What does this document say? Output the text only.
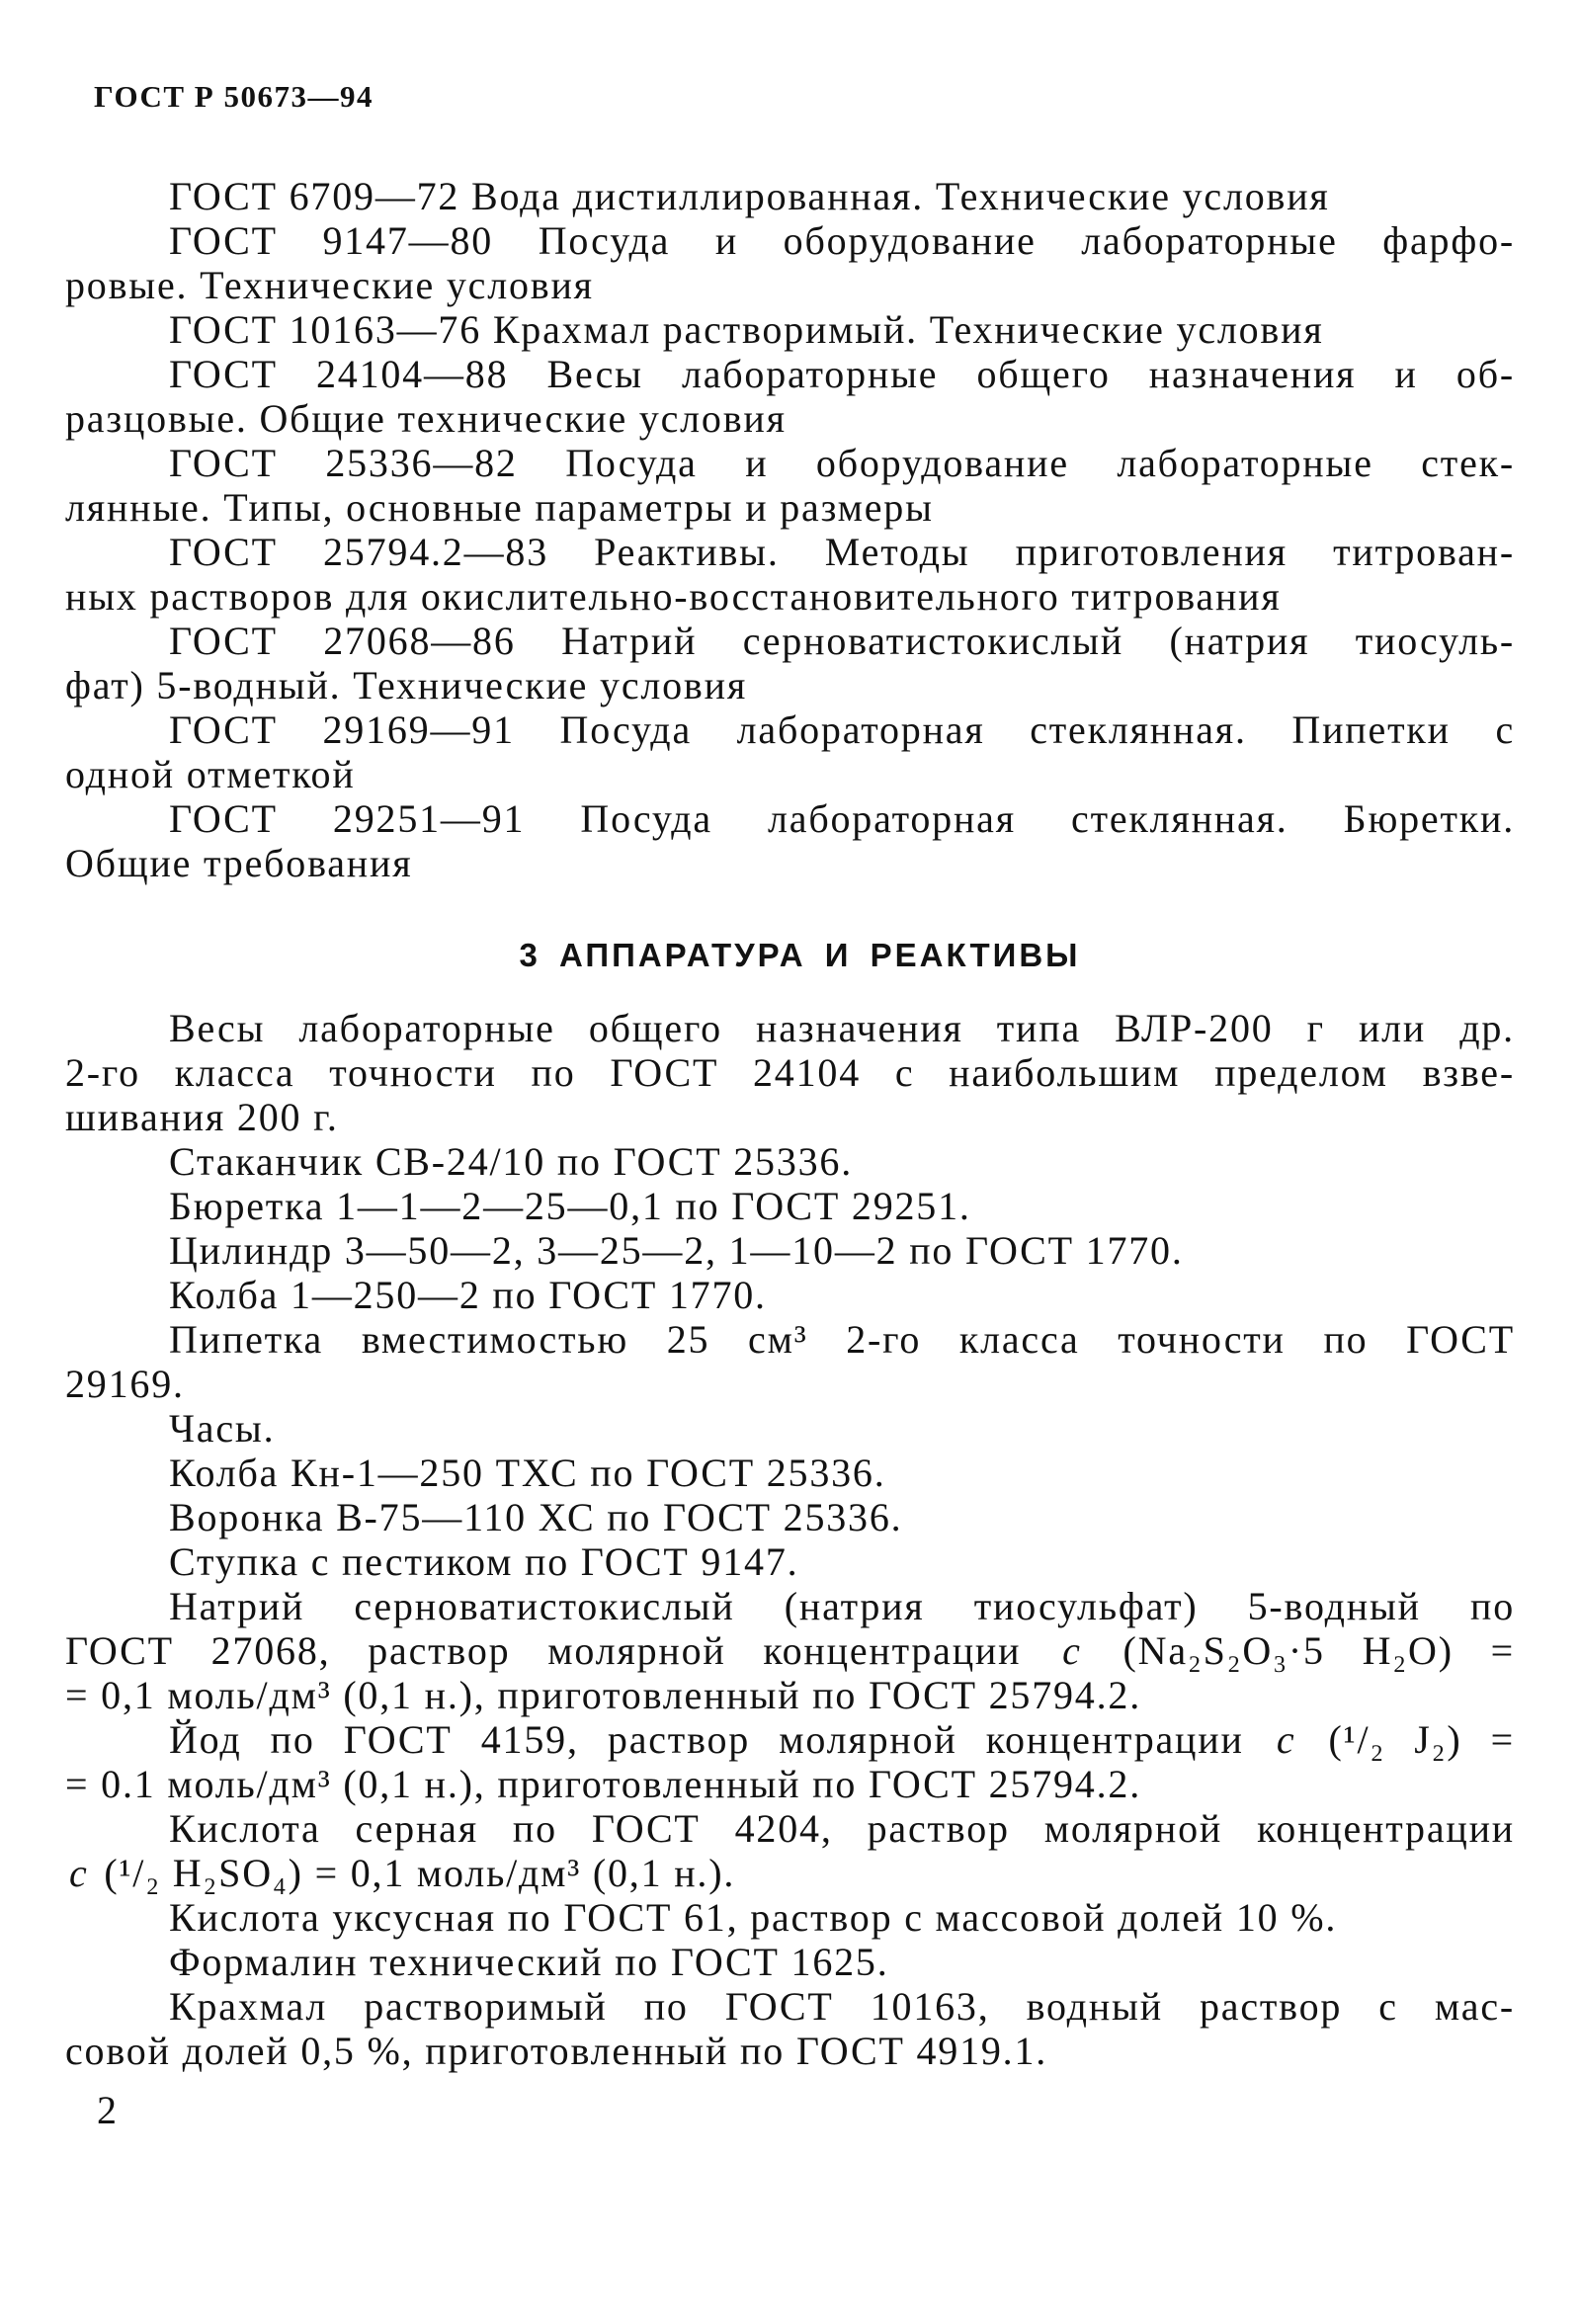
ГОСТ Р 50673—94

ГОСТ 6709—72 Вода дистиллированная. Технические условия

ГОСТ 9147—80 Посуда и оборудование лабораторные фарфо-
ровые. Технические условия

ГОСТ 10163—76 Крахмал растворимый. Технические условия

ГОСТ 24104—88 Весы лабораторные общего назначения и об-
разцовые. Общие технические условия

ГОСТ 25336—82 Посуда и оборудование лабораторные стек-
лянные. Типы, основные параметры и размеры

ГОСТ 25794.2—83 Реактивы. Методы приготовления титрован-
ных растворов для окислительно-восстановительного титрования

ГОСТ 27068—86 Натрий серноватистокислый (натрия тиосуль-
фат) 5-водный. Технические условия

ГОСТ 29169—91 Посуда лабораторная стеклянная. Пипетки с
одной отметкой

ГОСТ 29251—91 Посуда лабораторная стеклянная. Бюретки.
Общие требования

3 АППАРАТУРА И РЕАКТИВЫ

Весы лабораторные общего назначения типа ВЛР-200 г или др.
2-го класса точности по ГОСТ 24104 с наибольшим пределом взве-
шивания 200 г.

Стаканчик СВ-24/10 по ГОСТ 25336.

Бюретка 1—1—2—25—0,1 по ГОСТ 29251.

Цилиндр 3—50—2, 3—25—2, 1—10—2 по ГОСТ 1770.

Колба 1—250—2 по ГОСТ 1770.

Пипетка вместимостью 25 см³ 2-го класса точности по ГОСТ
29169.

Часы.

Колба Кн-1—250 ТХС по ГОСТ 25336.

Воронка В-75—110 ХС по ГОСТ 25336.

Ступка с пестиком по ГОСТ 9147.

Натрий серноватистокислый (натрия тиосульфат) 5-водный по
ГОСТ 27068, раствор молярной концентрации c (Na₂S₂O₃·5 H₂O) =
= 0,1 моль/дм³ (0,1 н.), приготовленный по ГОСТ 25794.2.

Йод по ГОСТ 4159, раствор молярной концентрации c (¹/₂ J₂) =
= 0.1 моль/дм³ (0,1 н.), приготовленный по ГОСТ 25794.2.

Кислота серная по ГОСТ 4204, раствор молярной концентрации
c (¹/₂ H₂SO₄) = 0,1 моль/дм³ (0,1 н.).

Кислота уксусная по ГОСТ 61, раствор с массовой долей 10 %.

Формалин технический по ГОСТ 1625.

Крахмал растворимый по ГОСТ 10163, водный раствор с мас-
совой долей 0,5 %, приготовленный по ГОСТ 4919.1.

2
